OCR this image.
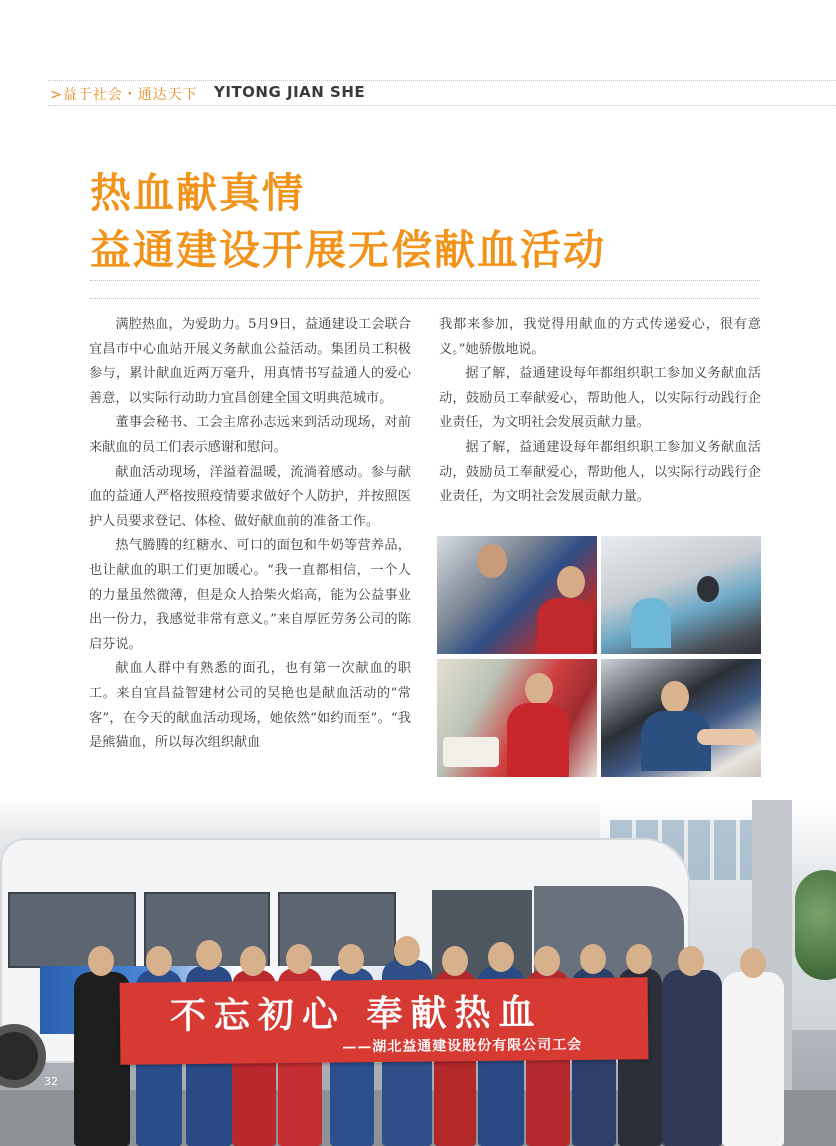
>益于社会・通达天下 YITONG JIAN SHE
热血献真情
益通建设开展无偿献血活动

满腔热血，为爱助力。5月9日，益通建设工会联合宜昌市中心血站开展义务献血公益活动。集团员工积极参与，累计献血近两万毫升，用真情书写益通人的爱心善意，以实际行动助力宜昌创建全国文明典范城市。

董事会秘书、工会主席孙志远来到活动现场，对前来献血的员工们表示感谢和慰问。

献血活动现场，洋溢着温暖，流淌着感动。参与献血的益通人严格按照疫情要求做好个人防护，并按照医护人员要求登记、体检、做好献血前的准备工作。

热气腾腾的红糖水、可口的面包和牛奶等营养品，也让献血的职工们更加暖心。“我一直都相信，一个人的力量虽然微薄，但是众人拾柴火焰高，能为公益事业出一份力，我感觉非常有意义。”来自厚匠劳务公司的陈启芬说。

献血人群中有熟悉的面孔，也有第一次献血的职工。来自宜昌益智建材公司的吴艳也是献血活动的“常客”，在今天的献血活动现场，她依然“如约而至”。“我是熊猫血，所以每次组织献血

我都来参加，我觉得用献血的方式传递爱心，很有意义。”她骄傲地说。

据了解，益通建设每年都组织职工参加义务献血活动，鼓励员工奉献爱心，帮助他人，以实际行动践行企业责任，为文明社会发展贡献力量。

据了解，益通建设每年都组织职工参加义务献血活动，鼓励员工奉献爱心，帮助他人，以实际行动践行企业责任，为文明社会发展贡献力量。

不忘初心 奉献热血
——湖北益通建设股份有限公司工会
32
